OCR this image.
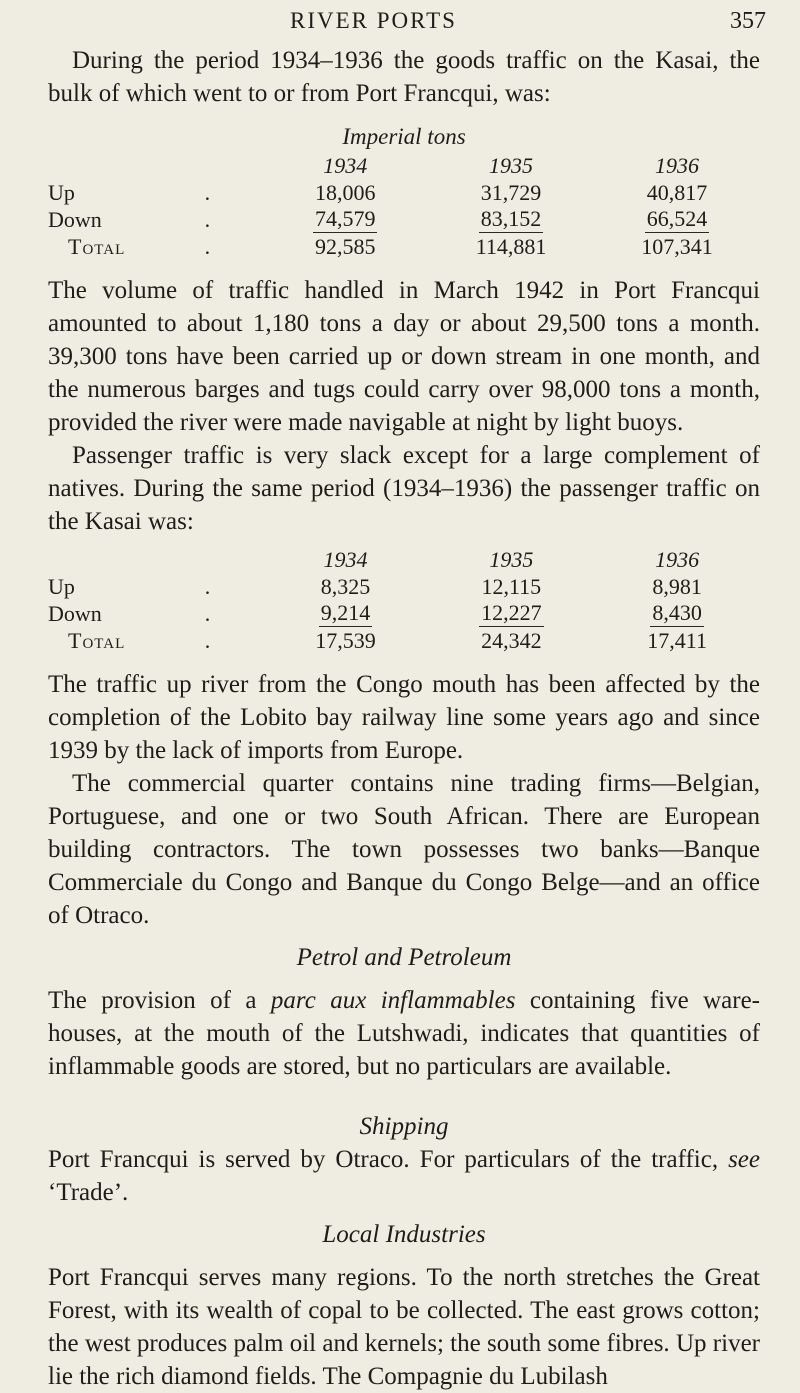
RIVER PORTS	357

During the period 1934–1936 the goods traffic on the Kasai, the bulk of which went to or from Port Francqui, was:

Imperial tons
		1934	1935	1936
Up	.	18,006	31,729	40,817
Down	.	74,579	83,152	66,524
Total	.	92,585	114,881	107,341

The volume of traffic handled in March 1942 in Port Francqui amounted to about 1,180 tons a day or about 29,500 tons a month. 39,300 tons have been carried up or down stream in one month, and the numerous barges and tugs could carry over 98,000 tons a month, provided the river were made navigable at night by light buoys.

Passenger traffic is very slack except for a large complement of natives. During the same period (1934–1936) the passenger traffic on the Kasai was:

		1934	1935	1936
Up	.	8,325	12,115	8,981
Down	.	9,214	12,227	8,430
Total	.	17,539	24,342	17,411

The traffic up river from the Congo mouth has been affected by the completion of the Lobito bay railway line some years ago and since 1939 by the lack of imports from Europe.

The commercial quarter contains nine trading firms—Belgian, Portuguese, and one or two South African. There are European building contractors. The town possesses two banks—Banque Commerciale du Congo and Banque du Congo Belge—and an office of Otraco.

Petrol and Petroleum

The provision of a parc aux inflammables containing five ware-houses, at the mouth of the Lutshwadi, indicates that quantities of inflammable goods are stored, but no particulars are available.

Shipping

Port Francqui is served by Otraco. For particulars of the traffic, see ‘Trade’.

Local Industries

Port Francqui serves many regions. To the north stretches the Great Forest, with its wealth of copal to be collected. The east grows cotton; the west produces palm oil and kernels; the south some fibres. Up river lie the rich diamond fields. The Compagnie du Lubilash
